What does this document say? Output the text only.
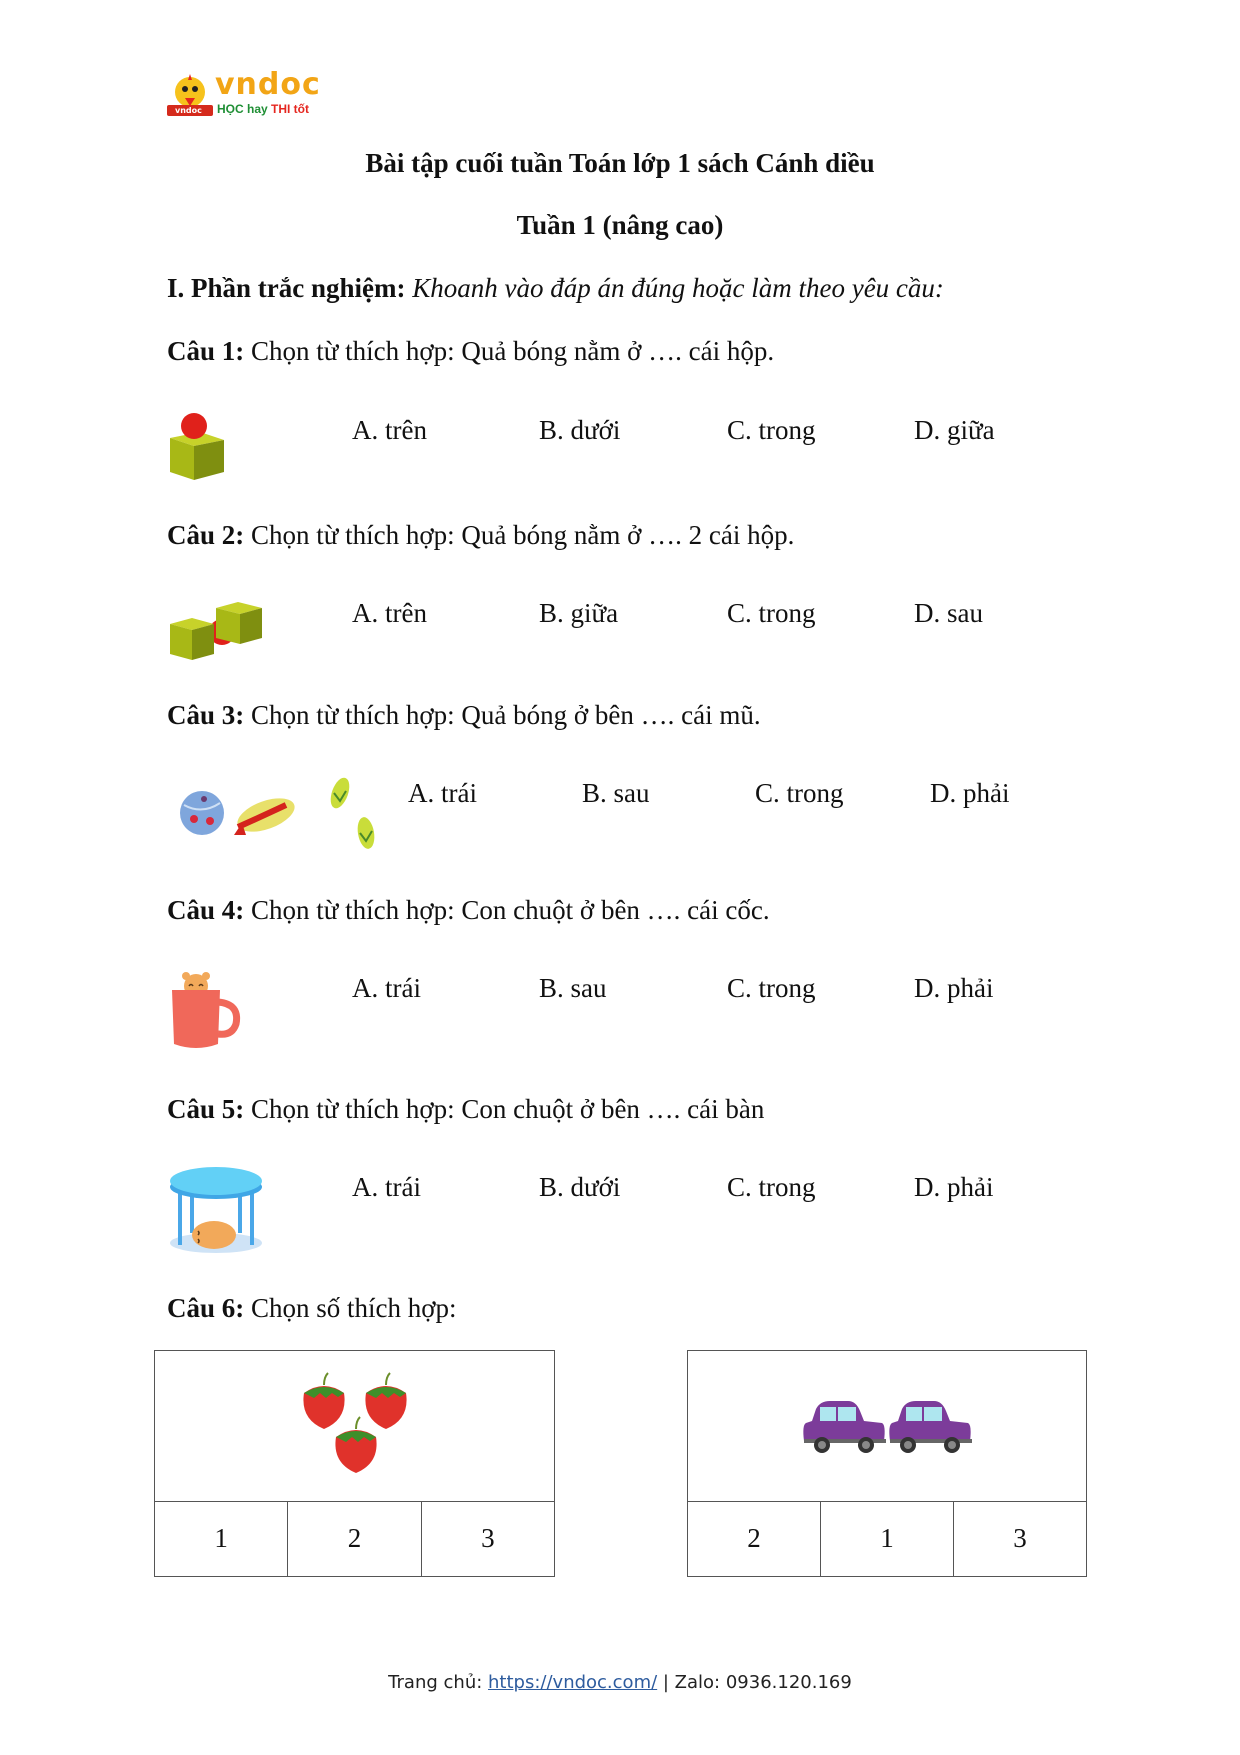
vndoc
vndoc
HỌC hay THI tốt
Bài tập cuối tuần Toán lớp 1 sách Cánh diều
Tuần 1 (nâng cao)
I. Phần trắc nghiệm: Khoanh vào đáp án đúng hoặc làm theo yêu cầu:
Câu 1: Chọn từ thích hợp: Quả bóng nằm ở …. cái hộp.
A. trên	B. dưới	C. trong	D. giữa
Câu 2: Chọn từ thích hợp: Quả bóng nằm ở …. 2 cái hộp.
A. trên	B. giữa	C. trong	D. sau
Câu 3: Chọn từ thích hợp: Quả bóng ở bên …. cái mũ.
A. trái	B. sau	C. trong	D. phải
Câu 4: Chọn từ thích hợp: Con chuột ở bên …. cái cốc.
A. trái	B. sau	C. trong	D. phải
Câu 5: Chọn từ thích hợp: Con chuột ở bên …. cái bàn
A. trái	B. dưới	C. trong	D. phải
Câu 6: Chọn số thích hợp:
1	2	3	2	1	3
Trang chủ: https://vndoc.com/ | Zalo: 0936.120.169
